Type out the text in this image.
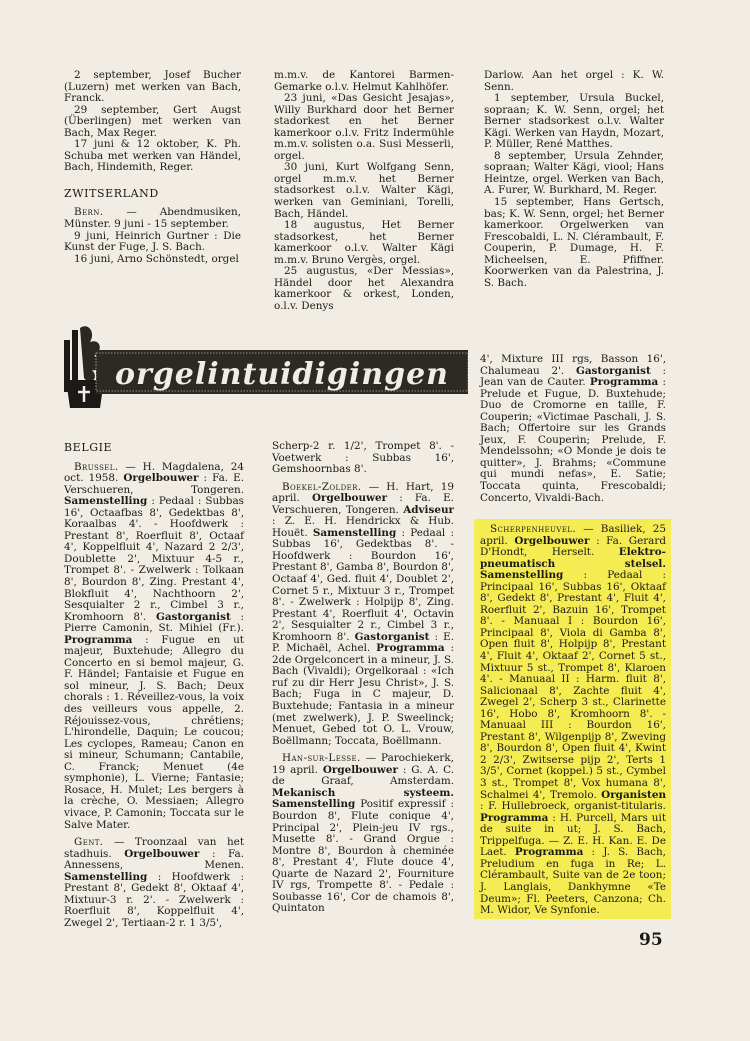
2 september, Josef Bucher (Luzern) met werken van Bach, Franck.

29 september, Gert Augst (Überlingen) met werken van Bach, Max Reger.

17 juni & 12 oktober, K. Ph. Schuba met werken van Händel, Bach, Hindemith, Reger.

ZWITSERLAND

Bern. — Abendmusiken, Münster. 9 juni - 15 september.

9 juni, Heinrich Gurtner : Die Kunst der Fuge, J. S. Bach.

16 juni, Arno Schönstedt, orgel

m.m.v. de Kantorei Barmen-Gemarke o.l.v. Helmut Kahlhöfer.

23 juni, «Das Gesicht Jesajas», Willy Burkhard door het Berner stadorkest en het Berner kamerkoor o.l.v. Fritz Indermühle m.m.v. solisten o.a. Susi Messerli, orgel.

30 juni, Kurt Wolfgang Senn, orgel m.m.v. het Berner stadsorkest o.l.v. Walter Kägi, werken van Geminiani, Torelli, Bach, Händel.

18 augustus, Het Berner stadsorkest, het Berner kamerkoor o.l.v. Walter Kägi m.m.v. Bruno Vergès, orgel.

25 augustus, «Der Messias», Händel door het Alexandra kamerkoor & orkest, Londen, o.l.v. Denys

Darlow. Aan het orgel : K. W. Senn.

1 september, Ursula Buckel, sopraan; K. W. Senn, orgel; het Berner stadsorkest o.l.v. Walter Kägi. Werken van Haydn, Mozart, P. Müller, René Matthes.

8 september, Ursula Zehnder, sopraan; Walter Kägi, viool; Hans Heintze, orgel. Werken van Bach, A. Furer, W. Burkhard, M. Reger.

15 september, Hans Gertsch, bas; K. W. Senn, orgel; het Berner kamerkoor. Orgelwerken van Frescobaldi, L. N. Clérambault, F. Couperin, P. Dumage, H. F. Micheelsen, E. Pfiffner. Koorwerken van da Palestrina, J. S. Bach.

orgelintuidigingen

BELGIE

Brussel. — H. Magdalena, 24 oct. 1958. Orgelbouwer : Fa. E. Verschueren, Tongeren. Samenstelling : Pedaal : Subbas 16', Octaafbas 8', Gedektbas 8', Koraalbas 4'. - Hoofdwerk : Prestant 8', Roerfluit 8', Octaaf 4', Koppelfluit 4', Nazard 2 2/3', Doublette 2', Mixtuur 4-5 r., Trompet 8'. - Zwelwerk : Tolkaan 8', Bourdon 8', Zing. Prestant 4', Blokfluit 4', Nachthoorn 2', Sesquialter 2 r., Cimbel 3 r., Kromhoorn 8'. Gastorganist : Pierre Camonin, St. Mihiel (Fr.). Programma : Fugue en ut majeur, Buxtehude; Allegro du Concerto en si bemol majeur, G. F. Händel; Fantaisie et Fugue en sol mineur, J. S. Bach; Deux chorals : 1. Réveillez-vous, la voix des veilleurs vous appelle, 2. Réjouissez-vous, chrétiens; L'hirondelle, Daquin; Le coucou; Les cyclopes, Rameau; Canon en si mineur, Schumann; Cantabile, C. Franck; Menuet (4e symphonie), L. Vierne; Fantasie; Rosace, H. Mulet; Les bergers à la crèche, O. Messiaen; Allegro vivace, P. Camonin; Toccata sur le Salve Mater.

Gent. — Troonzaal van het stadhuis. Orgelbouwer : Fa. Annessens, Menen. Samenstelling : Hoofdwerk : Prestant 8', Gedekt 8', Oktaaf 4', Mixtuur-3 r. 2'. - Zwelwerk : Roerfluit 8', Koppelfluit 4', Zwegel 2', Tertiaan-2 r. 1 3/5',

Scherp-2 r. 1/2', Trompet 8'. - Voetwerk : Subbas 16', Gemshoornbas 8'.

Boekel-Zolder. — H. Hart, 19 april. Orgelbouwer : Fa. E. Verschueren, Tongeren. Adviseur : Z. E. H. Hendrickx & Hub. Houët. Samenstelling : Pedaal : Subbas 16', Gedektbas 8'. - Hoofdwerk : Bourdon 16', Prestant 8', Gamba 8', Bourdon 8', Octaaf 4', Ged. fluit 4', Doublet 2', Cornet 5 r., Mixtuur 3 r., Trompet 8'. - Zwelwerk : Holpijp 8', Zing. Prestant 4', Roerfluit 4', Octavin 2', Sesquialter 2 r., Cimbel 3 r., Kromhoorn 8'. Gastorganist : E. P. Michaël, Achel. Programma : 2de Orgelconcert in a mineur, J. S. Bach (Vivaldi); Orgelkoraal : «Ich ruf zu dir Herr Jesu Christ», J. S. Bach; Fuga in C majeur, D. Buxtehude; Fantasia in a mineur (met zwelwerk), J. P. Sweelinck; Menuet, Gebed tot O. L. Vrouw, Boëllmann; Toccata, Boëllmann.

Han-sur-Lesse. — Parochiekerk, 19 april. Orgelbouwer : G. A. C. de Graaf, Amsterdam. Mekanisch systeem. Samenstelling Positif expressif : Bourdon 8', Flute conique 4', Principal 2', Plein-jeu IV rgs., Musette 8'. - Grand Orgue : Montre 8', Bourdon à cheminée 8', Prestant 4', Flute douce 4', Quarte de Nazard 2', Fourniture IV rgs, Trompette 8'. - Pedale : Soubasse 16', Cor de chamois 8', Quintaton

4', Mixture III rgs, Basson 16', Chalumeau 2'. Gastorganist : Jean van de Cauter. Programma : Prelude et Fugue, D. Buxtehude; Duo de Cromorne en taille, F. Couperin; «Victimae Paschali, J. S. Bach; Offertoire sur les Grands Jeux, F. Couperin; Prelude, F. Mendelssohn; «O Monde je dois te quitter», J. Brahms; «Commune qui mundi nefas», E. Satie; Toccata quinta, Frescobaldi; Concerto, Vivaldi-Bach.

Scherpenheuvel. — Basiliek, 25 april. Orgelbouwer : Fa. Gerard D'Hondt, Herselt. Elektro-pneumatisch stelsel. Samenstelling : Pedaal : Principaal 16', Subbas 16', Oktaaf 8', Gedekt 8', Prestant 4', Fluit 4', Roerfluit 2', Bazuin 16', Trompet 8'. - Manuaal I : Bourdon 16', Principaal 8', Viola di Gamba 8', Open fluit 8', Holpijp 8', Prestant 4', Fluit 4', Oktaaf 2', Cornet 5 st., Mixtuur 5 st., Trompet 8', Klaroen 4'. - Manuaal II : Harm. fluit 8', Salicionaal 8', Zachte fluit 4', Zwegel 2', Scherp 3 st., Clarinette 16', Hobo 8', Kromhoorn 8'. - Manuaal III : Bourdon 16', Prestant 8', Wilgenpijp 8', Zweving 8', Bourdon 8', Open fluit 4', Kwint 2 2/3', Zwitserse pijp 2', Terts 1 3/5', Cornet (koppel.) 5 st., Cymbel 3 st., Trompet 8', Vox humana 8', Schalmei 4', Tremolo. Organisten : F. Hullebroeck, organist-titularis. Programma : H. Purcell, Mars uit de suite in ut; J. S. Bach, Trippelfuga. — Z. E. H. Kan. E. De Laet. Programma : J. S. Bach, Preludium en fuga in Re; L. Clérambault, Suite van de 2e toon; J. Langlais, Dankhymne «Te Deum»; Fl. Peeters, Canzona; Ch. M. Widor, Ve Synfonie.

95
